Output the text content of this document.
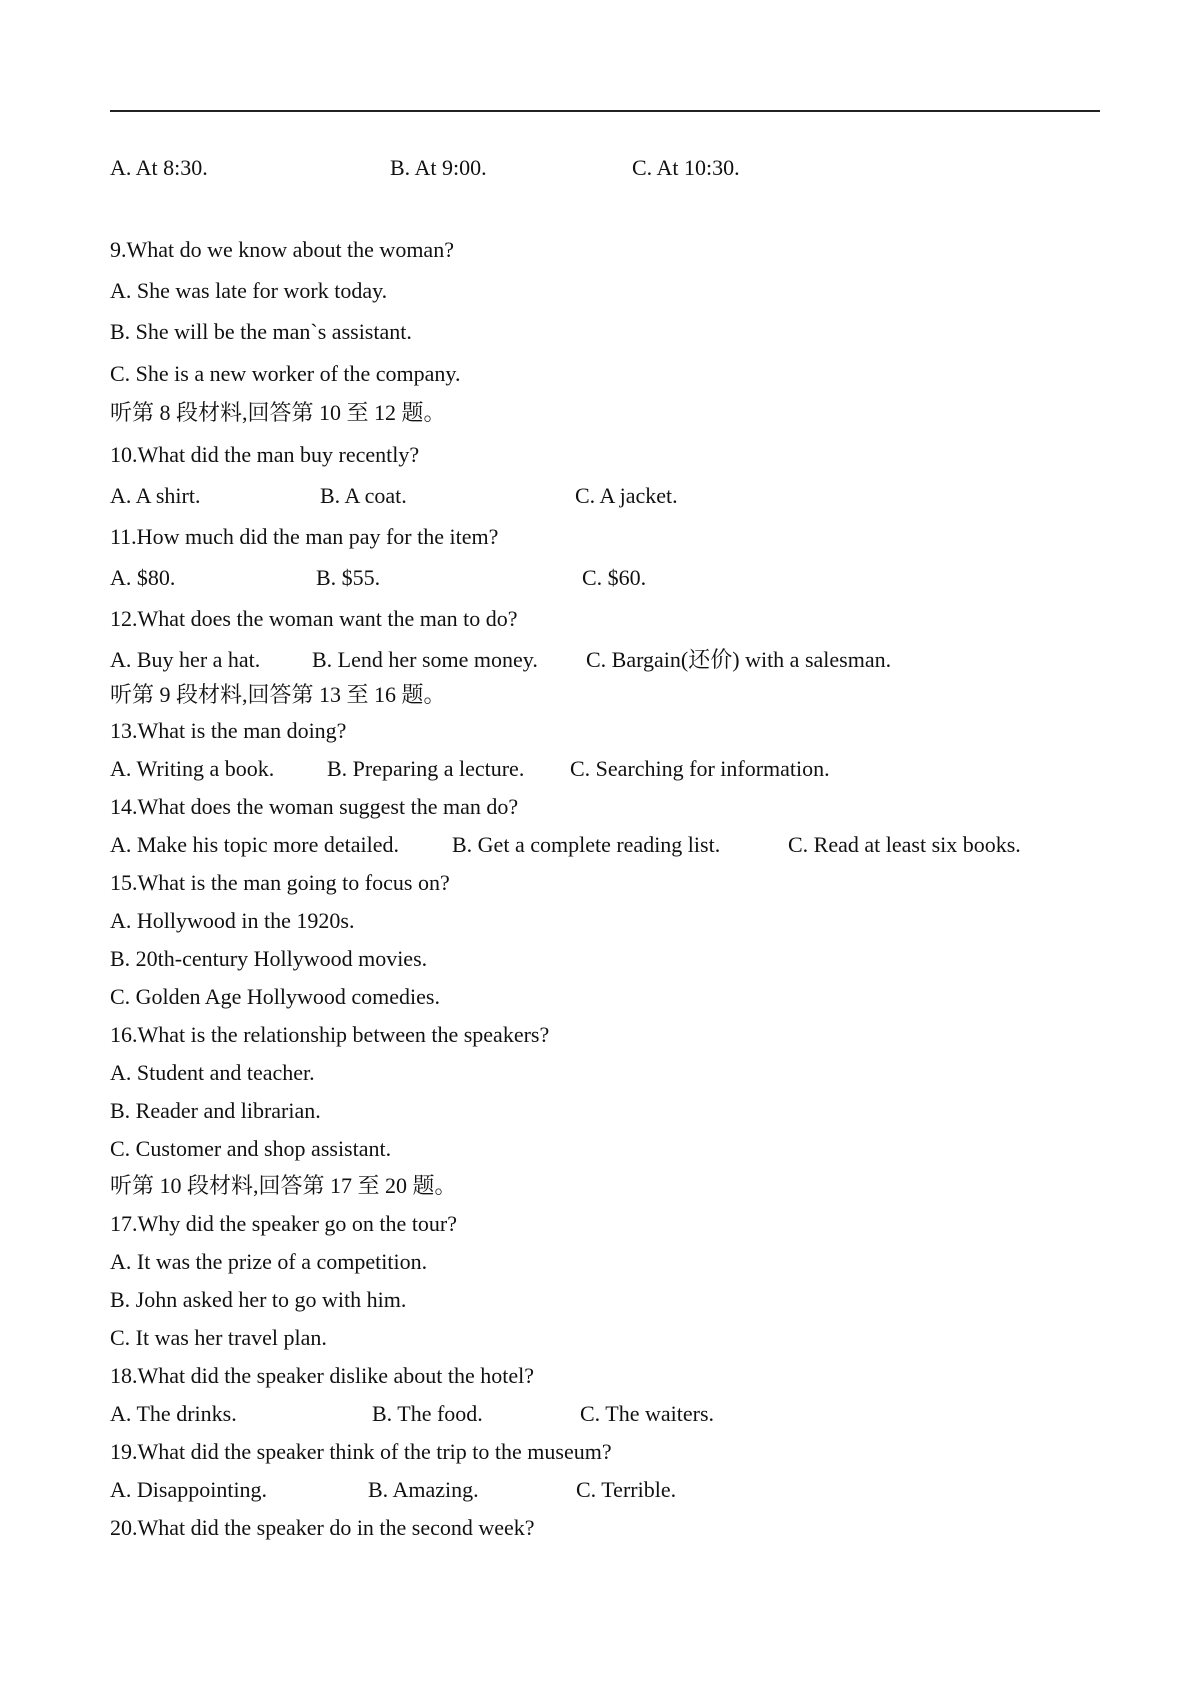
A. At 8:30.	B. At 9:00.	C. At 10:30.
9.What do we know about the woman?
A. She was late for work today.
B. She will be the man`s assistant.
C. She is a new worker of the company.
听第 8 段材料,回答第 10 至 12 题。
10.What did the man buy recently?
A. A shirt.	B. A coat.	C. A jacket.
11.How much did the man pay for the item?
A. $80.	B. $55.	C. $60.
12.What does the woman want the man to do?
A. Buy her a hat. B. Lend her some money. C. Bargain(还价) with a salesman.
听第 9 段材料,回答第 13 至 16 题。
13.What is the man doing?
A. Writing a book. B. Preparing a lecture. C. Searching for information.
14.What does the woman suggest the man do?
A. Make his topic more detailed. B. Get a complete reading list.	C. Read at least six books.
15.What is the man going to focus on?
A. Hollywood in the 1920s.
B. 20th-century Hollywood movies.
C. Golden Age Hollywood comedies.
16.What is the relationship between the speakers?
A. Student and teacher.
B. Reader and librarian.
C. Customer and shop assistant.
听第 10 段材料,回答第 17 至 20 题。
17.Why did the speaker go on the tour?
A. It was the prize of a competition.
B. John asked her to go with him.
C. It was her travel plan.
18.What did the speaker dislike about the hotel?
A. The drinks.	B. The food.	C. The waiters.
19.What did the speaker think of the trip to the museum?
A. Disappointing.	B. Amazing.	C. Terrible.
20.What did the speaker do in the second week?
